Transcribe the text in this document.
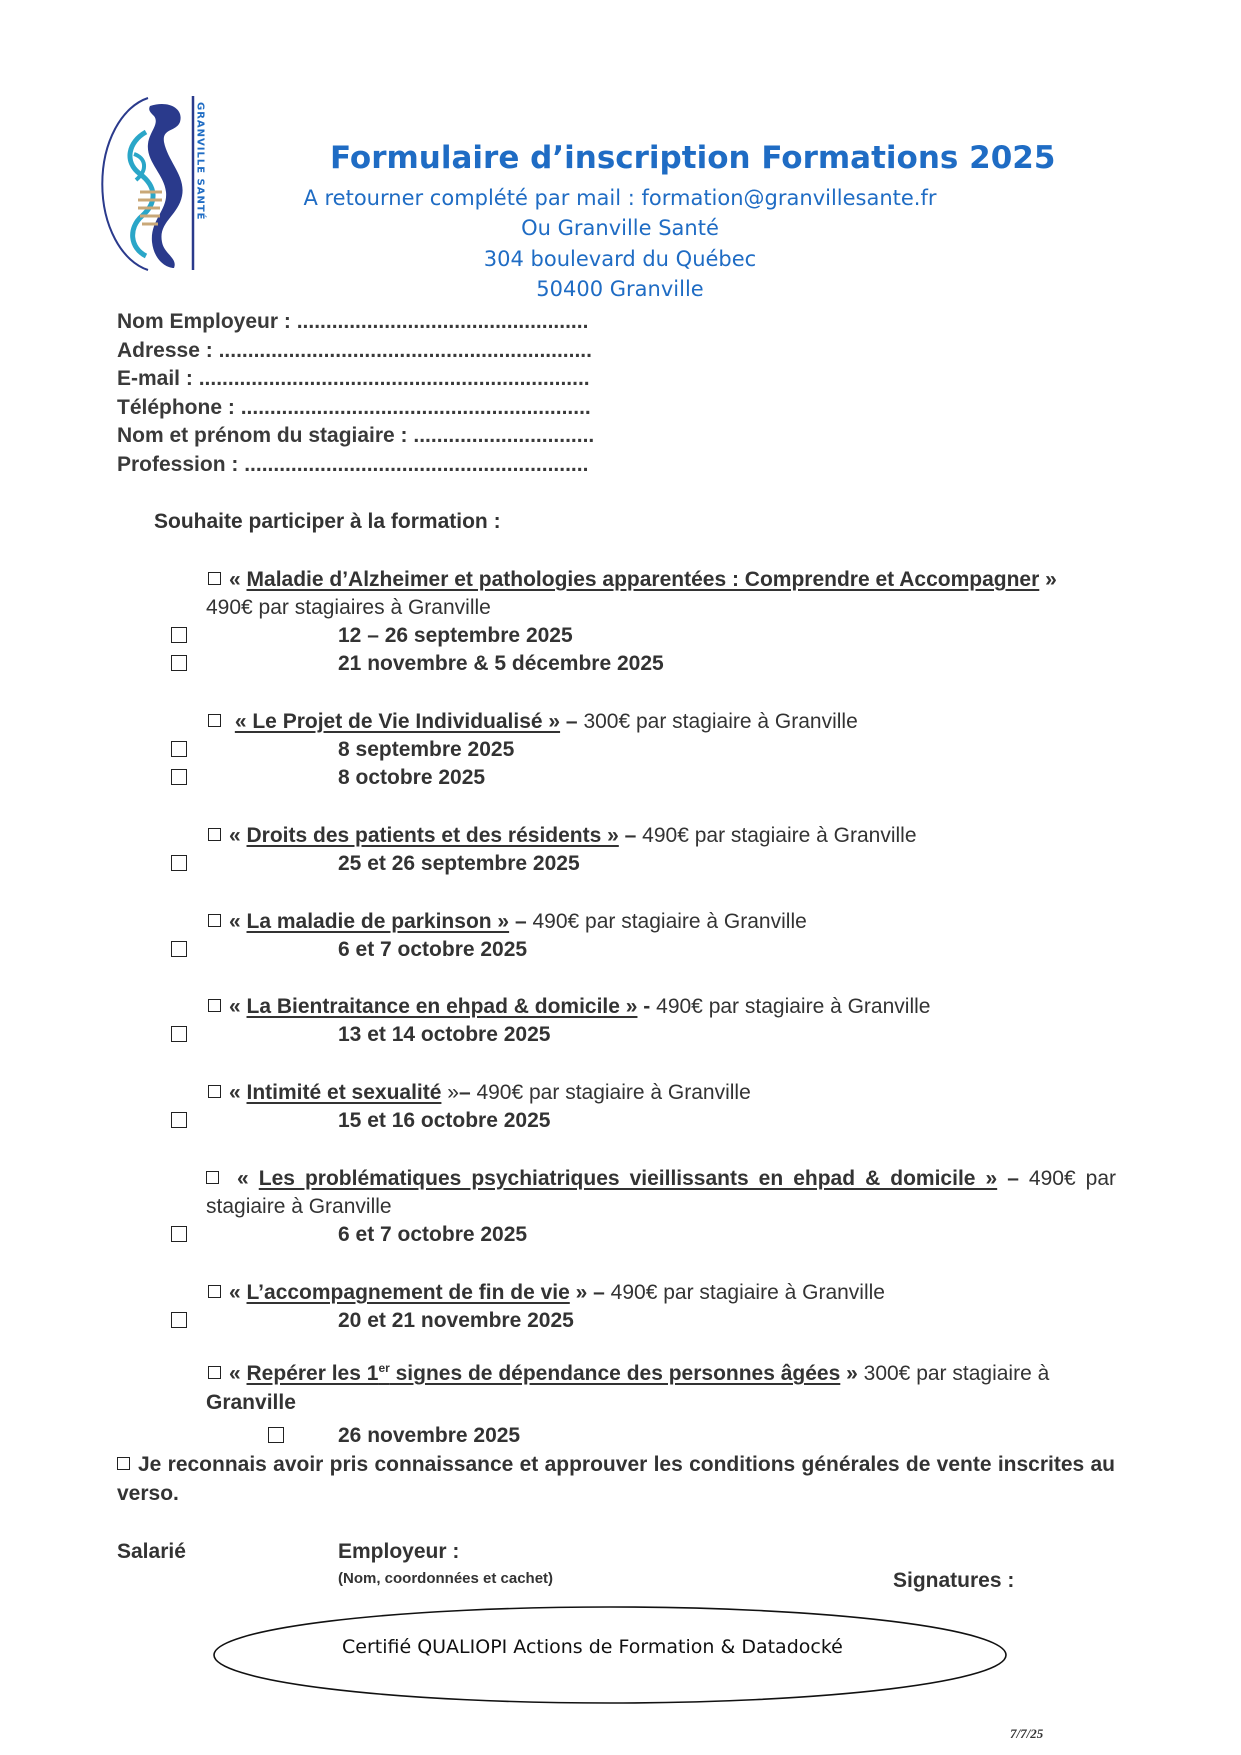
GRANVILLE SANTÉ	Formulaire d’inscription Formations 2025
A retourner complété par mail : formation@granvillesante.fr
Ou Granville Santé
304 boulevard du Québec
50400 Granville
Nom Employeur : ..................................................
Adresse : ................................................................
E-mail : ...................................................................
Téléphone : ............................................................
Nom et prénom du stagiaire : ...............................
Profession : ...........................................................
Souhaite participer à la formation :
« Maladie d’Alzheimer et pathologies apparentées : Comprendre et Accompagner »
490€ par stagiaires à Granville
12 – 26 septembre 2025
21 novembre & 5 décembre 2025
« Le Projet de Vie Individualisé » – 300€ par stagiaire à Granville
8 septembre 2025
8 octobre 2025
« Droits des patients et des résidents » – 490€ par stagiaire à Granville
25 et 26 septembre 2025
« La maladie de parkinson » – 490€ par stagiaire à Granville
6 et 7 octobre 2025
« La Bientraitance en ehpad & domicile » - 490€ par stagiaire à Granville
13 et 14 octobre 2025
« Intimité et sexualité »– 490€ par stagiaire à Granville
15 et 16 octobre 2025
« Les problématiques psychiatriques vieillissants en ehpad & domicile » – 490€ par
stagiaire à Granville
6 et 7 octobre 2025
« L’accompagnement de fin de vie » – 490€ par stagiaire à Granville
20 et 21 novembre 2025
« Repérer les 1er signes de dépendance des personnes âgées » 300€ par stagiaire à
Granville
26 novembre 2025
Je reconnais avoir pris connaissance et approuver les conditions générales de vente inscrites au
verso.
Salarié	Employeur :
(Nom, coordonnées et cachet)	Signatures :
Certifié QUALIOPI Actions de Formation & Datadocké
7/7/25
